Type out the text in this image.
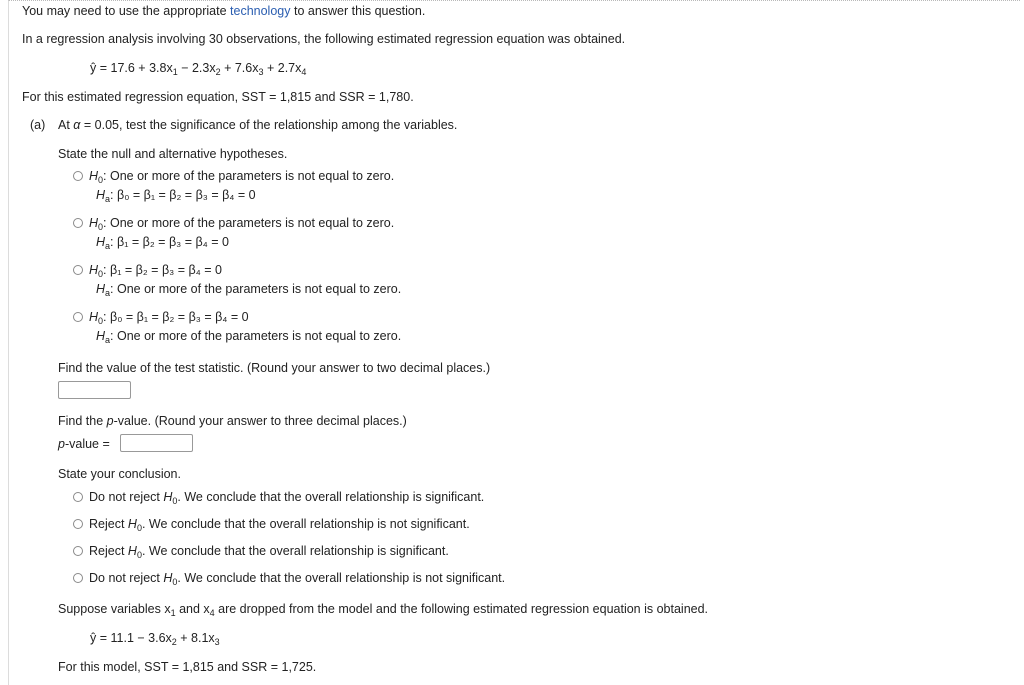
You may need to use the appropriate technology to answer this question.
In a regression analysis involving 30 observations, the following estimated regression equation was obtained.
ŷ = $17.6 + 3.8x_1 - 2.3x_2 + 7.6x_3 + 2.7x_4$
For this estimated regression equation, SST = 1,815 and SSR = 1,780.
(a) At α = 0.05, test the significance of the relationship among the variables.
State the null and alternative hypotheses.
$H_0$: One or more of the parameters is not equal to zero.
$H_a$: β₀ = β₁ = β₂ = β₃ = β₄ = 0
$H_0$: One or more of the parameters is not equal to zero.
$H_a$: β₁ = β₂ = β₃ = β₄ = 0
$H_0$: β₁ = β₂ = β₃ = β₄ = 0
$H_a$: One or more of the parameters is not equal to zero.
$H_0$: β₀ = β₁ = β₂ = β₃ = β₄ = 0
$H_a$: One or more of the parameters is not equal to zero.
Find the value of the test statistic. (Round your answer to two decimal places.)
Find the p-value. (Round your answer to three decimal places.)
p-value =
State your conclusion.
Do not reject $H_0$. We conclude that the overall relationship is significant.
Reject $H_0$. We conclude that the overall relationship is not significant.
Reject $H_0$. We conclude that the overall relationship is significant.
Do not reject $H_0$. We conclude that the overall relationship is not significant.
Suppose variables $x_1$ and $x_4$ are dropped from the model and the following estimated regression equation is obtained.
ŷ = $11.1 - 3.6x_2 + 8.1x_3$
For this model, SST = 1,815 and SSR = 1,725.
